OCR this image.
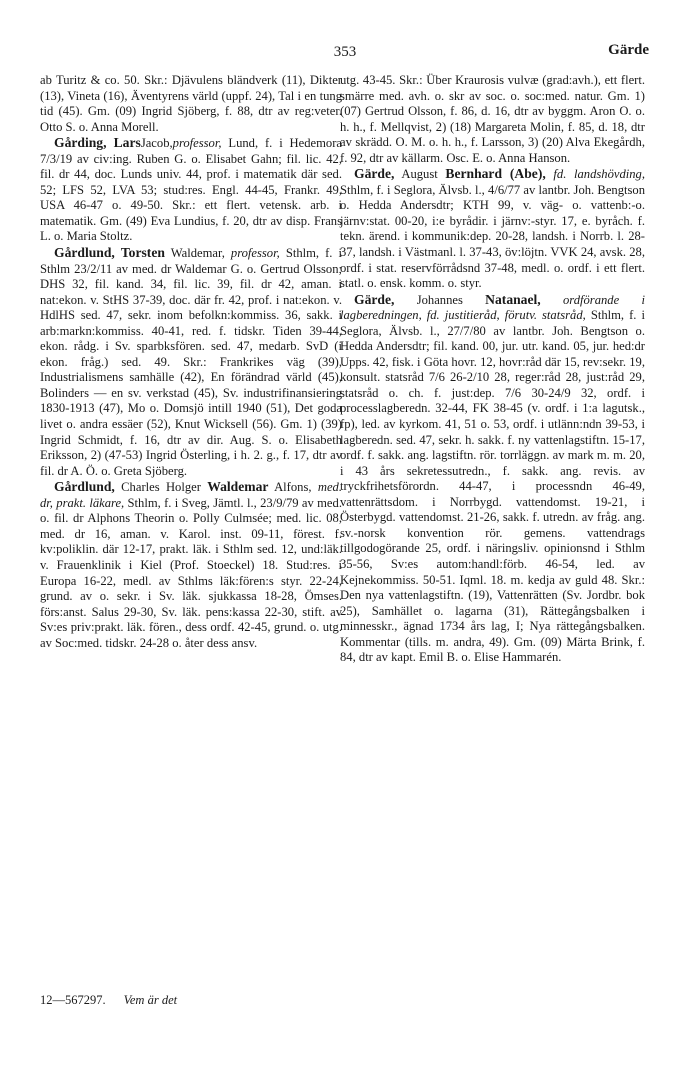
353	Gärde

ab Turitz & co. 50. Skr.: Djävulens bländverk (11), Dikter (13), Vineta (16), Äventyrens värld (uppf. 24), Tal i en tung tid (45). Gm. (09) Ingrid Sjöberg, f. 88, dtr av reg:veter. Otto S. o. Anna Morell.

Gårding, LarsJacob,professor, Lund, f. i Hedemora 7/3/19 av civ:ing. Ruben G. o. Elisabet Gahn; fil. lic. 42, fil. dr 44, doc. Lunds univ. 44, prof. i matematik där sed. 52; LFS 52, LVA 53; stud:res. Engl. 44-45, Frankr. 49, USA 46-47 o. 49-50. Skr.: ett flert. vetensk. arb. i matematik. Gm. (49) Eva Lundius, f. 20, dtr av disp. Frans L. o. Maria Stoltz.

Gårdlund, Torsten Waldemar, professor, Sthlm, f. i Sthlm 23/2/11 av med. dr Waldemar G. o. Gertrud Olsson; DHS 32, fil. kand. 34, fil. lic. 39, fil. dr 42, aman. i nat:ekon. v. StHS 37-39, doc. där fr. 42, prof. i nat:ekon. v. HdlHS sed. 47, sekr. inom befolkn:kommiss. 36, sakk. i arb:markn:kommiss. 40-41, red. f. tidskr. Tiden 39-44, ekon. rådg. i Sv. sparbksfören. sed. 47, medarb. SvD (i ekon. fråg.) sed. 49. Skr.: Frankrikes väg (39), Industrialismens samhälle (42), En förändrad värld (45), Bolinders — en sv. verkstad (45), Sv. industrifinansiering 1830-1913 (47), Mo o. Domsjö intill 1940 (51), Det goda livet o. andra essäer (52), Knut Wicksell (56). Gm. 1) (39) Ingrid Schmidt, f. 16, dtr av dir. Aug. S. o. Elisabeth Eriksson, 2) (47-53) Ingrid Österling, i h. 2. g., f. 17, dtr av fil. dr A. Ö. o. Greta Sjöberg.

Gårdlund, Charles Holger Waldemar Alfons, med. dr, prakt. läkare, Sthlm, f. i Sveg, Jämtl. l., 23/9/79 av med. o. fil. dr Alphons Theorin o. Polly Culmsée; med. lic. 08, med. dr 16, aman. v. Karol. inst. 09-11, förest. f. kv:poliklin. där 12-17, prakt. läk. i Sthlm sed. 12, und:läk. v. Frauenklinik i Kiel (Prof. Stoeckel) 18. Stud:res. i Europa 16-22, medl. av Sthlms läk:fören:s styr. 22-24, grund. av o. sekr. i Sv. läk. sjukkassa 18-28, Ömses. förs:anst. Salus 29-30, Sv. läk. pens:kassa 22-30, stift. av Sv:es priv:prakt. läk. fören., dess ordf. 42-45, grund. o. utg. av Soc:med. tidskr. 24-28 o. åter dess ansv.

utg. 43-45. Skr.: Über Kraurosis vulvæ (grad:avh.), ett flert. smärre med. avh. o. skr av soc. o. soc:med. natur. Gm. 1) (07) Gertrud Olsson, f. 86, d. 16, dtr av byggm. Aron O. o. h. h., f. Mellqvist, 2) (18) Margareta Molin, f. 85, d. 18, dtr av skrädd. O. M. o. h. h., f. Larsson, 3) (20) Alva Ekegårdh, f. 92, dtr av källarm. Osc. E. o. Anna Hanson.

Gärde, August Bernhard (Abe), fd. landshövding, Sthlm, f. i Seglora, Älvsb. l., 4/6/77 av lantbr. Joh. Bengtson o. Hedda Andersdtr; KTH 99, v. väg- o. vattenb:-o. järnv:stat. 00-20, i:e byrådir. i järnv:-styr. 17, e. byråch. f. tekn. ärend. i kommunik:dep. 20-28, landsh. i Norrb. l. 28-37, landsh. i Västmanl. l. 37-43, öv:löjtn. VVK 24, avsk. 28, ordf. i stat. reservförrådsnd 37-48, medl. o. ordf. i ett flert. statl. o. ensk. komm. o. styr.

Gärde, Johannes Natanael, ordförande i lagberedningen, fd. justitieråd, förutv. statsråd, Sthlm, f. i Seglora, Älvsb. l., 27/7/80 av lantbr. Joh. Bengtson o. Hedda Andersdtr; fil. kand. 00, jur. utr. kand. 05, jur. hed:dr Upps. 42, fisk. i Göta hovr. 12, hovr:råd där 15, rev:sekr. 19, konsult. statsråd 7/6 26-2/10 28, reger:råd 28, just:råd 29, statsråd o. ch. f. just:dep. 7/6 30-24/9 32, ordf. i processlagberedn. 32-44, FK 38-45 (v. ordf. i 1:a lagutsk., fp), led. av kyrkom. 41, 51 o. 53, ordf. i utlänn:ndn 39-53, i lagberedn. sed. 47, sekr. h. sakk. f. ny vattenlagstiftn. 15-17, ordf. f. sakk. ang. lagstiftn. rör. torrläggn. av mark m. m. 20, i 43 års sekretessutredn., f. sakk. ang. revis. av tryckfrihetsförordn. 44-47, i processndn 46-49, vattenrättsdom. i Norrbygd. vattendomst. 19-21, i Österbygd. vattendomst. 21-26, sakk. f. utredn. av fråg. ang. sv.-norsk konvention rör. gemens. vattendrags tillgodogörande 25, ordf. i näringsliv. opinionsnd i Sthlm 35-56, Sv:es autom:handl:förb. 46-54, led. av Kejnekommiss. 50-51. Iqml. 18. m. kedja av guld 48. Skr.: Den nya vattenlagstiftn. (19), Vattenrätten (Sv. Jordbr. bok 25), Samhället o. lagarna (31), Rättegångsbalken i minnesskr., ägnad 1734 års lag, I; Nya rättegångsbalken. Kommentar (tills. m. andra, 49). Gm. (09) Märta Brink, f. 84, dtr av kapt. Emil B. o. Elise Hammarén.

12—567297. Vem är det
